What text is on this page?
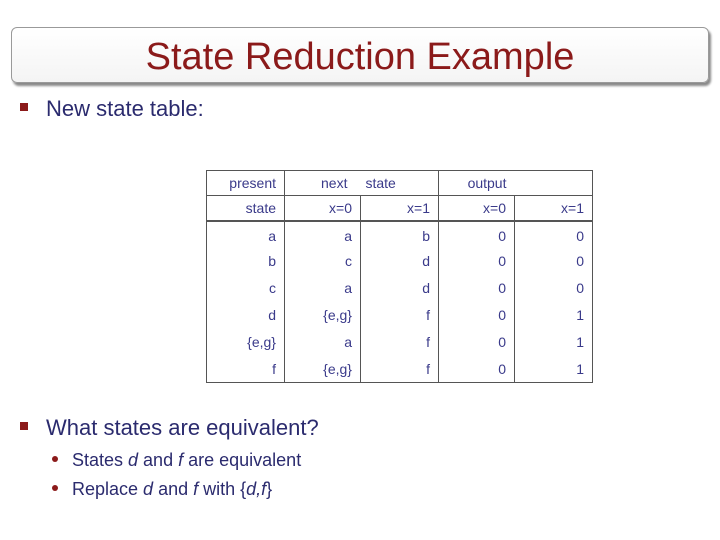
State Reduction Example
New state table:
present	next state		output	
state	x=0	x=1	x=0	x=1
a	a	b	0	0
b	c	d	0	0
c	a	d	0	0
d	{e,g}	f	0	1
{e,g}	a	f	0	1
f	{e,g}	f	0	1
What states are equivalent?
States d and f are equivalent
Replace d and f with {d,f}
